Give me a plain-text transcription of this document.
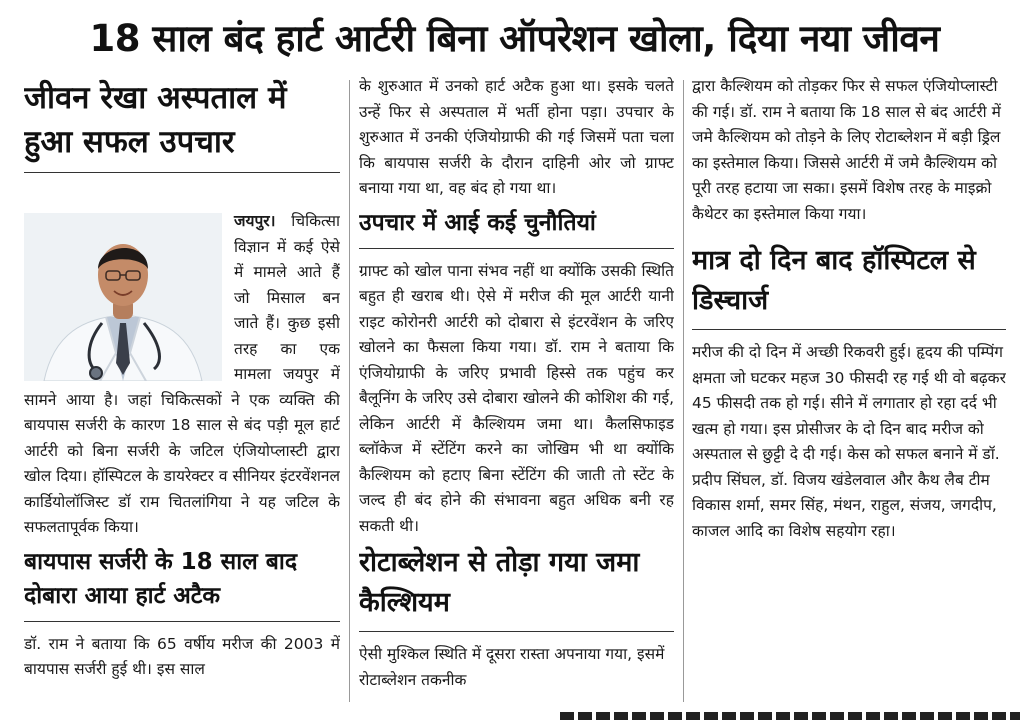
18 साल बंद हार्ट आर्टरी बिना ऑपरेशन खोला, दिया नया जीवन
जीवन रेखा अस्पताल में हुआ सफल उपचार
जयपुर। चिकित्सा विज्ञान में कई ऐसे में मामले आते हैं जो मिसाल बन जाते हैं। कुछ इसी तरह का एक मामला जयपुर में सामने आया है। जहां चिकित्सकों ने एक व्यक्ति की बायपास सर्जरी के कारण 18 साल से बंद पड़ी मूल हार्ट आर्टरी को बिना सर्जरी के जटिल एंजियोप्लास्टी द्वारा खोल दिया। हॉस्पिटल के डायरेक्टर व सीनियर इंटरवेंशनल कार्डियोलॉजिस्ट डॉ राम चितलांगिया ने यह जटिल के सफलतापूर्वक किया।
बायपास सर्जरी के 18 साल बाद दोबारा आया हार्ट अटैक
डॉ. राम ने बताया कि 65 वर्षीय मरीज की 2003 में बायपास सर्जरी हुई थी। इस साल
के शुरुआत में उनको हार्ट अटैक हुआ था। इसके चलते उन्हें फिर से अस्पताल में भर्ती होना पड़ा। उपचार के शुरुआत में उनकी एंजियोग्राफी की गई जिसमें पता चला कि बायपास सर्जरी के दौरान दाहिनी ओर जो ग्राफ्ट बनाया गया था, वह बंद हो गया था।
उपचार में आई कई चुनौतियां
ग्राफ्ट को खोल पाना संभव नहीं था क्योंकि उसकी स्थिति बहुत ही खराब थी। ऐसे में मरीज की मूल आर्टरी यानी राइट कोरोनरी आर्टरी को दोबारा से इंटरवेंशन के जरिए खोलने का फैसला किया गया। डॉ. राम ने बताया कि एंजियोग्राफी के जरिए प्रभावी हिस्से तक पहुंच कर बैलूनिंग के जरिए उसे दोबारा खोलने की कोशिश की गई, लेकिन आर्टरी में कैल्शियम जमा था। कैलसिफाइड ब्लॉकेज में स्टेंटिंग करने का जोखिम भी था क्योंकि कैल्शियम को हटाए बिना स्टेंटिंग की जाती तो स्टेंट के जल्द ही बंद होने की संभावना बहुत अधिक बनी रह सकती थी।
रोटाब्लेशन से तोड़ा गया जमा कैल्शियम
ऐसी मुश्किल स्थिति में दूसरा रास्ता अपनाया गया, इसमें रोटाब्लेशन तकनीक
द्वारा कैल्शियम को तोड़कर फिर से सफल एंजियोप्लास्टी की गई। डॉ. राम ने बताया कि 18 साल से बंद आर्टरी में जमे कैल्शियम को तोड़ने के लिए रोटाब्लेशन में बड़ी ड्रिल का इस्तेमाल किया। जिससे आर्टरी में जमे कैल्शियम को पूरी तरह हटाया जा सका। इसमें विशेष तरह के माइक्रो कैथेटर का इस्तेमाल किया गया।
मात्र दो दिन बाद हॉस्पिटल से डिस्चार्ज
मरीज की दो दिन में अच्छी रिकवरी हुई। हृदय की पम्पिंग क्षमता जो घटकर महज 30 फीसदी रह गई थी वो बढ़कर 45 फीसदी तक हो गई। सीने में लगातार हो रहा दर्द भी खत्म हो गया। इस प्रोसीजर के दो दिन बाद मरीज को अस्पताल से छुट्टी दे दी गई। केस को सफल बनाने में डॉ. प्रदीप सिंघल, डॉ. विजय खंडेलवाल और कैथ लैब टीम विकास शर्मा, समर सिंह, मंथन, राहुल, संजय, जगदीप, काजल आदि का विशेष सहयोग रहा।
